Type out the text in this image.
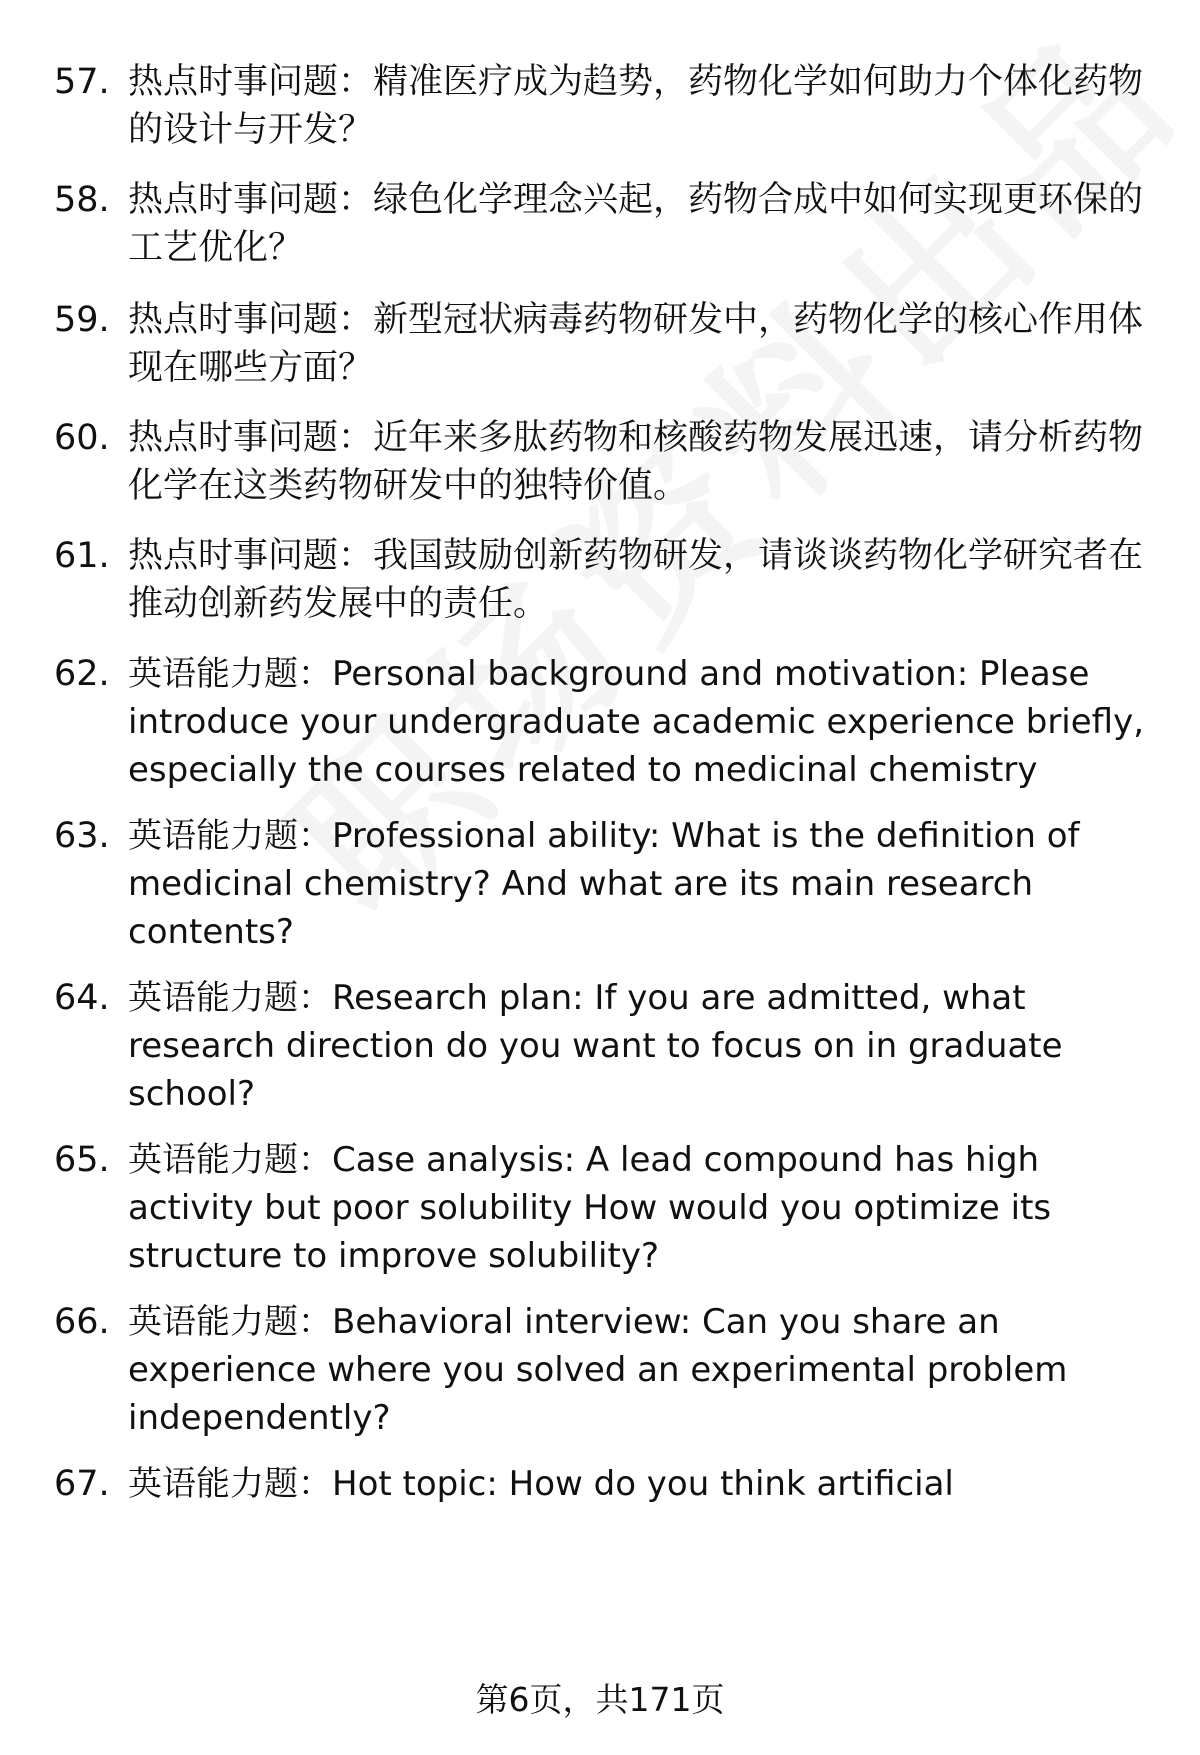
57. 热点时事问题：精准医疗成为趋势，药物化学如何助力个体化药物的设计与开发？
58. 热点时事问题：绿色化学理念兴起，药物合成中如何实现更环保的工艺优化？
59. 热点时事问题：新型冠状病毒药物研发中，药物化学的核心作用体现在哪些方面？
60. 热点时事问题：近年来多肽药物和核酸药物发展迅速，请分析药物化学在这类药物研发中的独特价值。
61. 热点时事问题：我国鼓励创新药物研发，请谈谈药物化学研究者在推动创新药发展中的责任。
62. 英语能力题：Personal background and motivation: Please introduce your undergraduate academic experience briefly, especially the courses related to medicinal chemistry
63. 英语能力题：Professional ability: What is the definition of medicinal chemistry? And what are its main research contents?
64. 英语能力题：Research plan: If you are admitted, what research direction do you want to focus on in graduate school?
65. 英语能力题：Case analysis: A lead compound has high activity but poor solubility How would you optimize its structure to improve solubility?
66. 英语能力题：Behavioral interview: Can you share an experience where you solved an experimental problem independently?
67. 英语能力题：Hot topic: How do you think artificial
第6页，共171页
